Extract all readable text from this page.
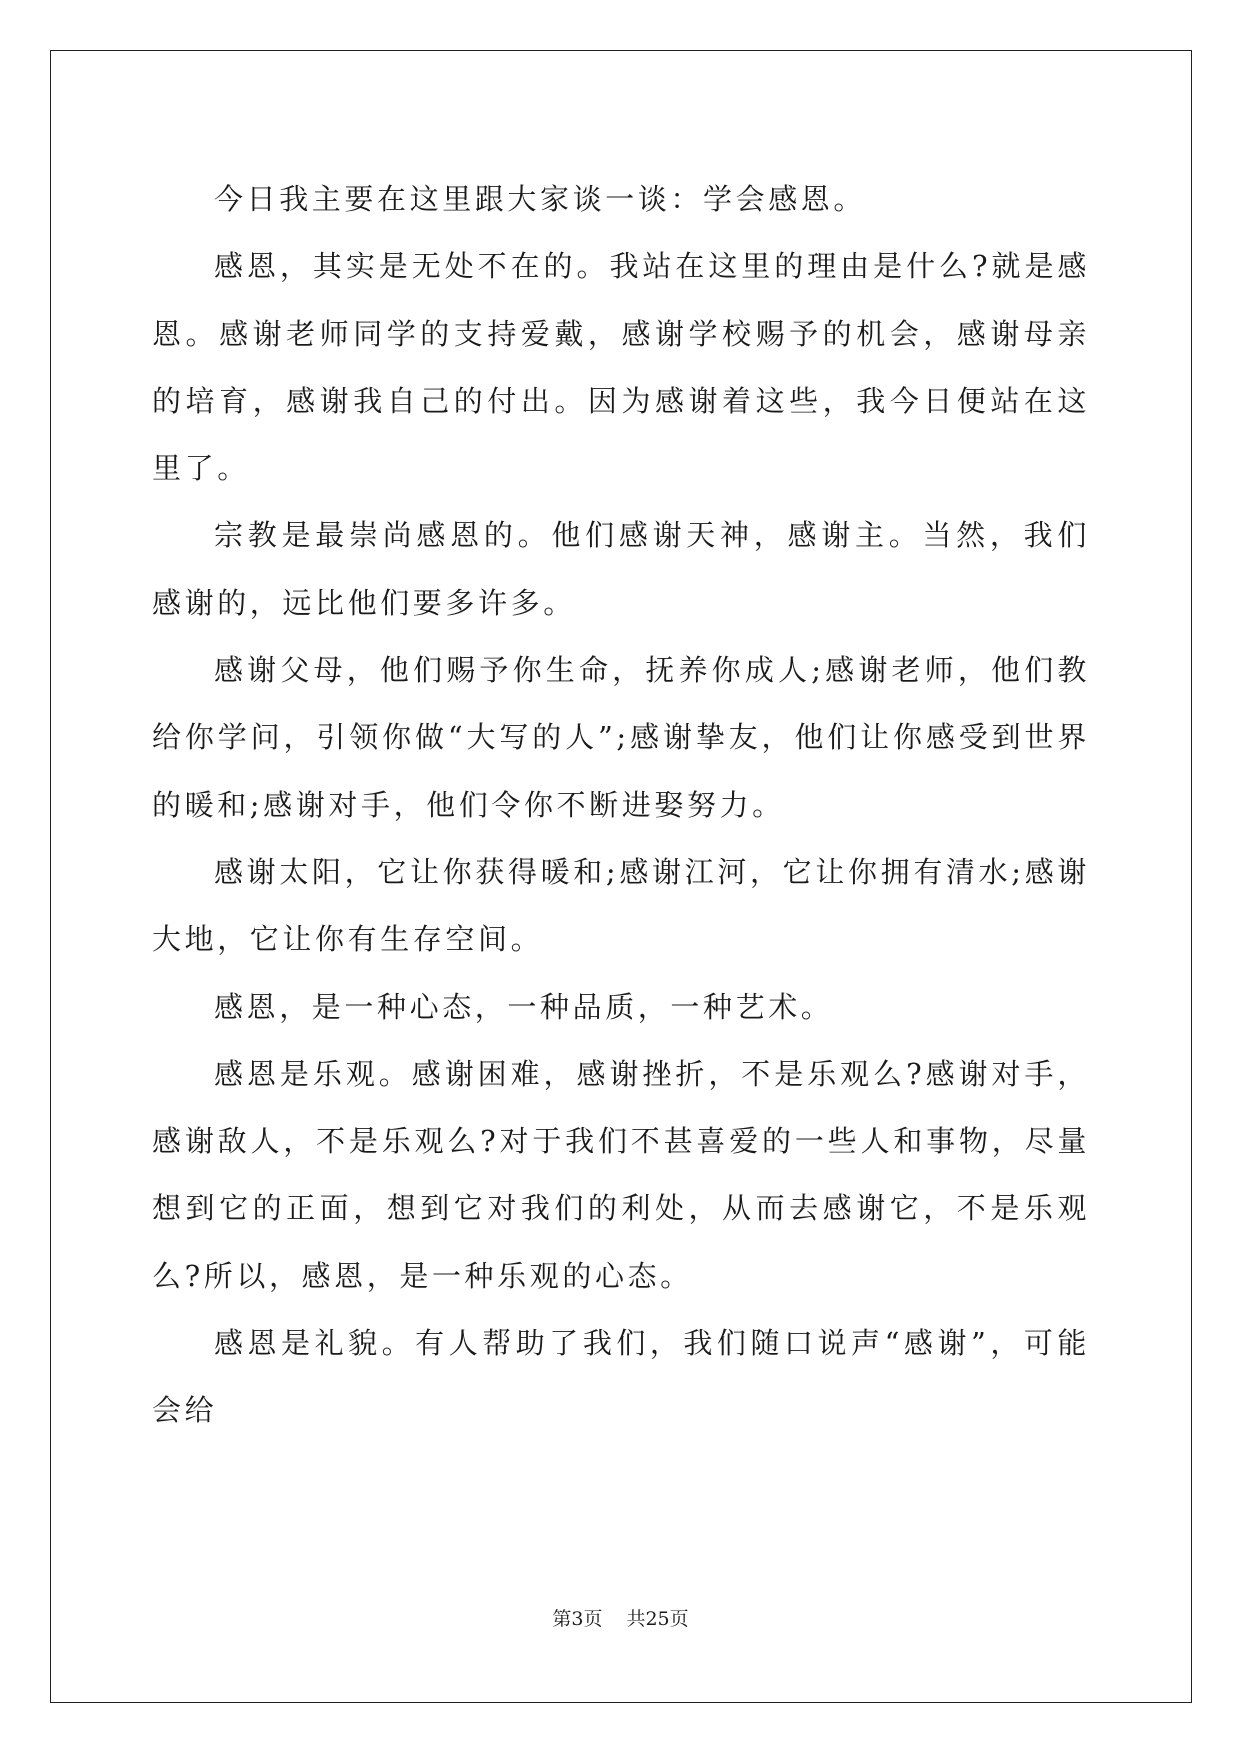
今日我主要在这里跟大家谈一谈：学会感恩。

感恩，其实是无处不在的。我站在这里的理由是什么?就是感恩。感谢老师同学的支持爱戴，感谢学校赐予的机会，感谢母亲的培育，感谢我自己的付出。因为感谢着这些，我今日便站在这里了。

宗教是最崇尚感恩的。他们感谢天神，感谢主。当然，我们感谢的，远比他们要多许多。

感谢父母，他们赐予你生命，抚养你成人;感谢老师，他们教给你学问，引领你做“大写的人”;感谢挚友，他们让你感受到世界的暖和;感谢对手，他们令你不断进娶努力。

感谢太阳，它让你获得暖和;感谢江河，它让你拥有清水;感谢大地，它让你有生存空间。

感恩，是一种心态，一种品质，一种艺术。

感恩是乐观。感谢困难，感谢挫折，不是乐观么?感谢对手，感谢敌人，不是乐观么?对于我们不甚喜爱的一些人和事物，尽量想到它的正面，想到它对我们的利处，从而去感谢它，不是乐观么?所以，感恩，是一种乐观的心态。

感恩是礼貌。有人帮助了我们，我们随口说声“感谢”，可能会给

第3页 共25页
